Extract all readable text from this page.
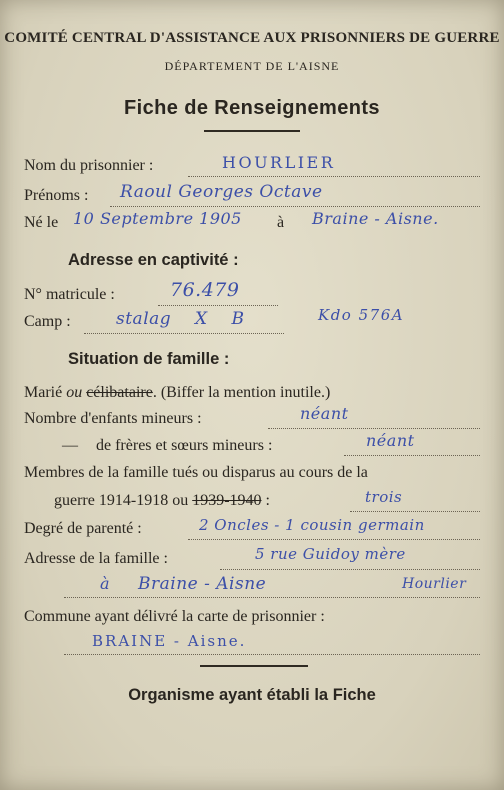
COMITÉ CENTRAL D'ASSISTANCE AUX PRISONNIERS DE GUERRE
DÉPARTEMENT DE L'AISNE
Fiche de Renseignements
Nom du prisonnier :	HOURLIER
Prénoms : Raoul Georges Octave
Né le 10 Septembre 1905 à Braine - Aisne.
Adresse en captivité :
N° matricule :	76.479
Camp :	stalag X B	Kdo 576A
Situation de famille :
Marié ou célibataire. (Biffer la mention inutile.)
Nombre d'enfants mineurs :	néant
— de frères et sœurs mineurs :	néant
Membres de la famille tués ou disparus au cours de la
guerre 1914-1918 ou 1939-1940 :	trois
Degré de parenté :	2 Oncles - 1 cousin germain
Adresse de la famille :	5 rue Guidoy mère
à Braine - Aisne	Hourlier
Commune ayant délivré la carte de prisonnier :
BRAINE - Aisne.
Organisme ayant établi la Fiche
